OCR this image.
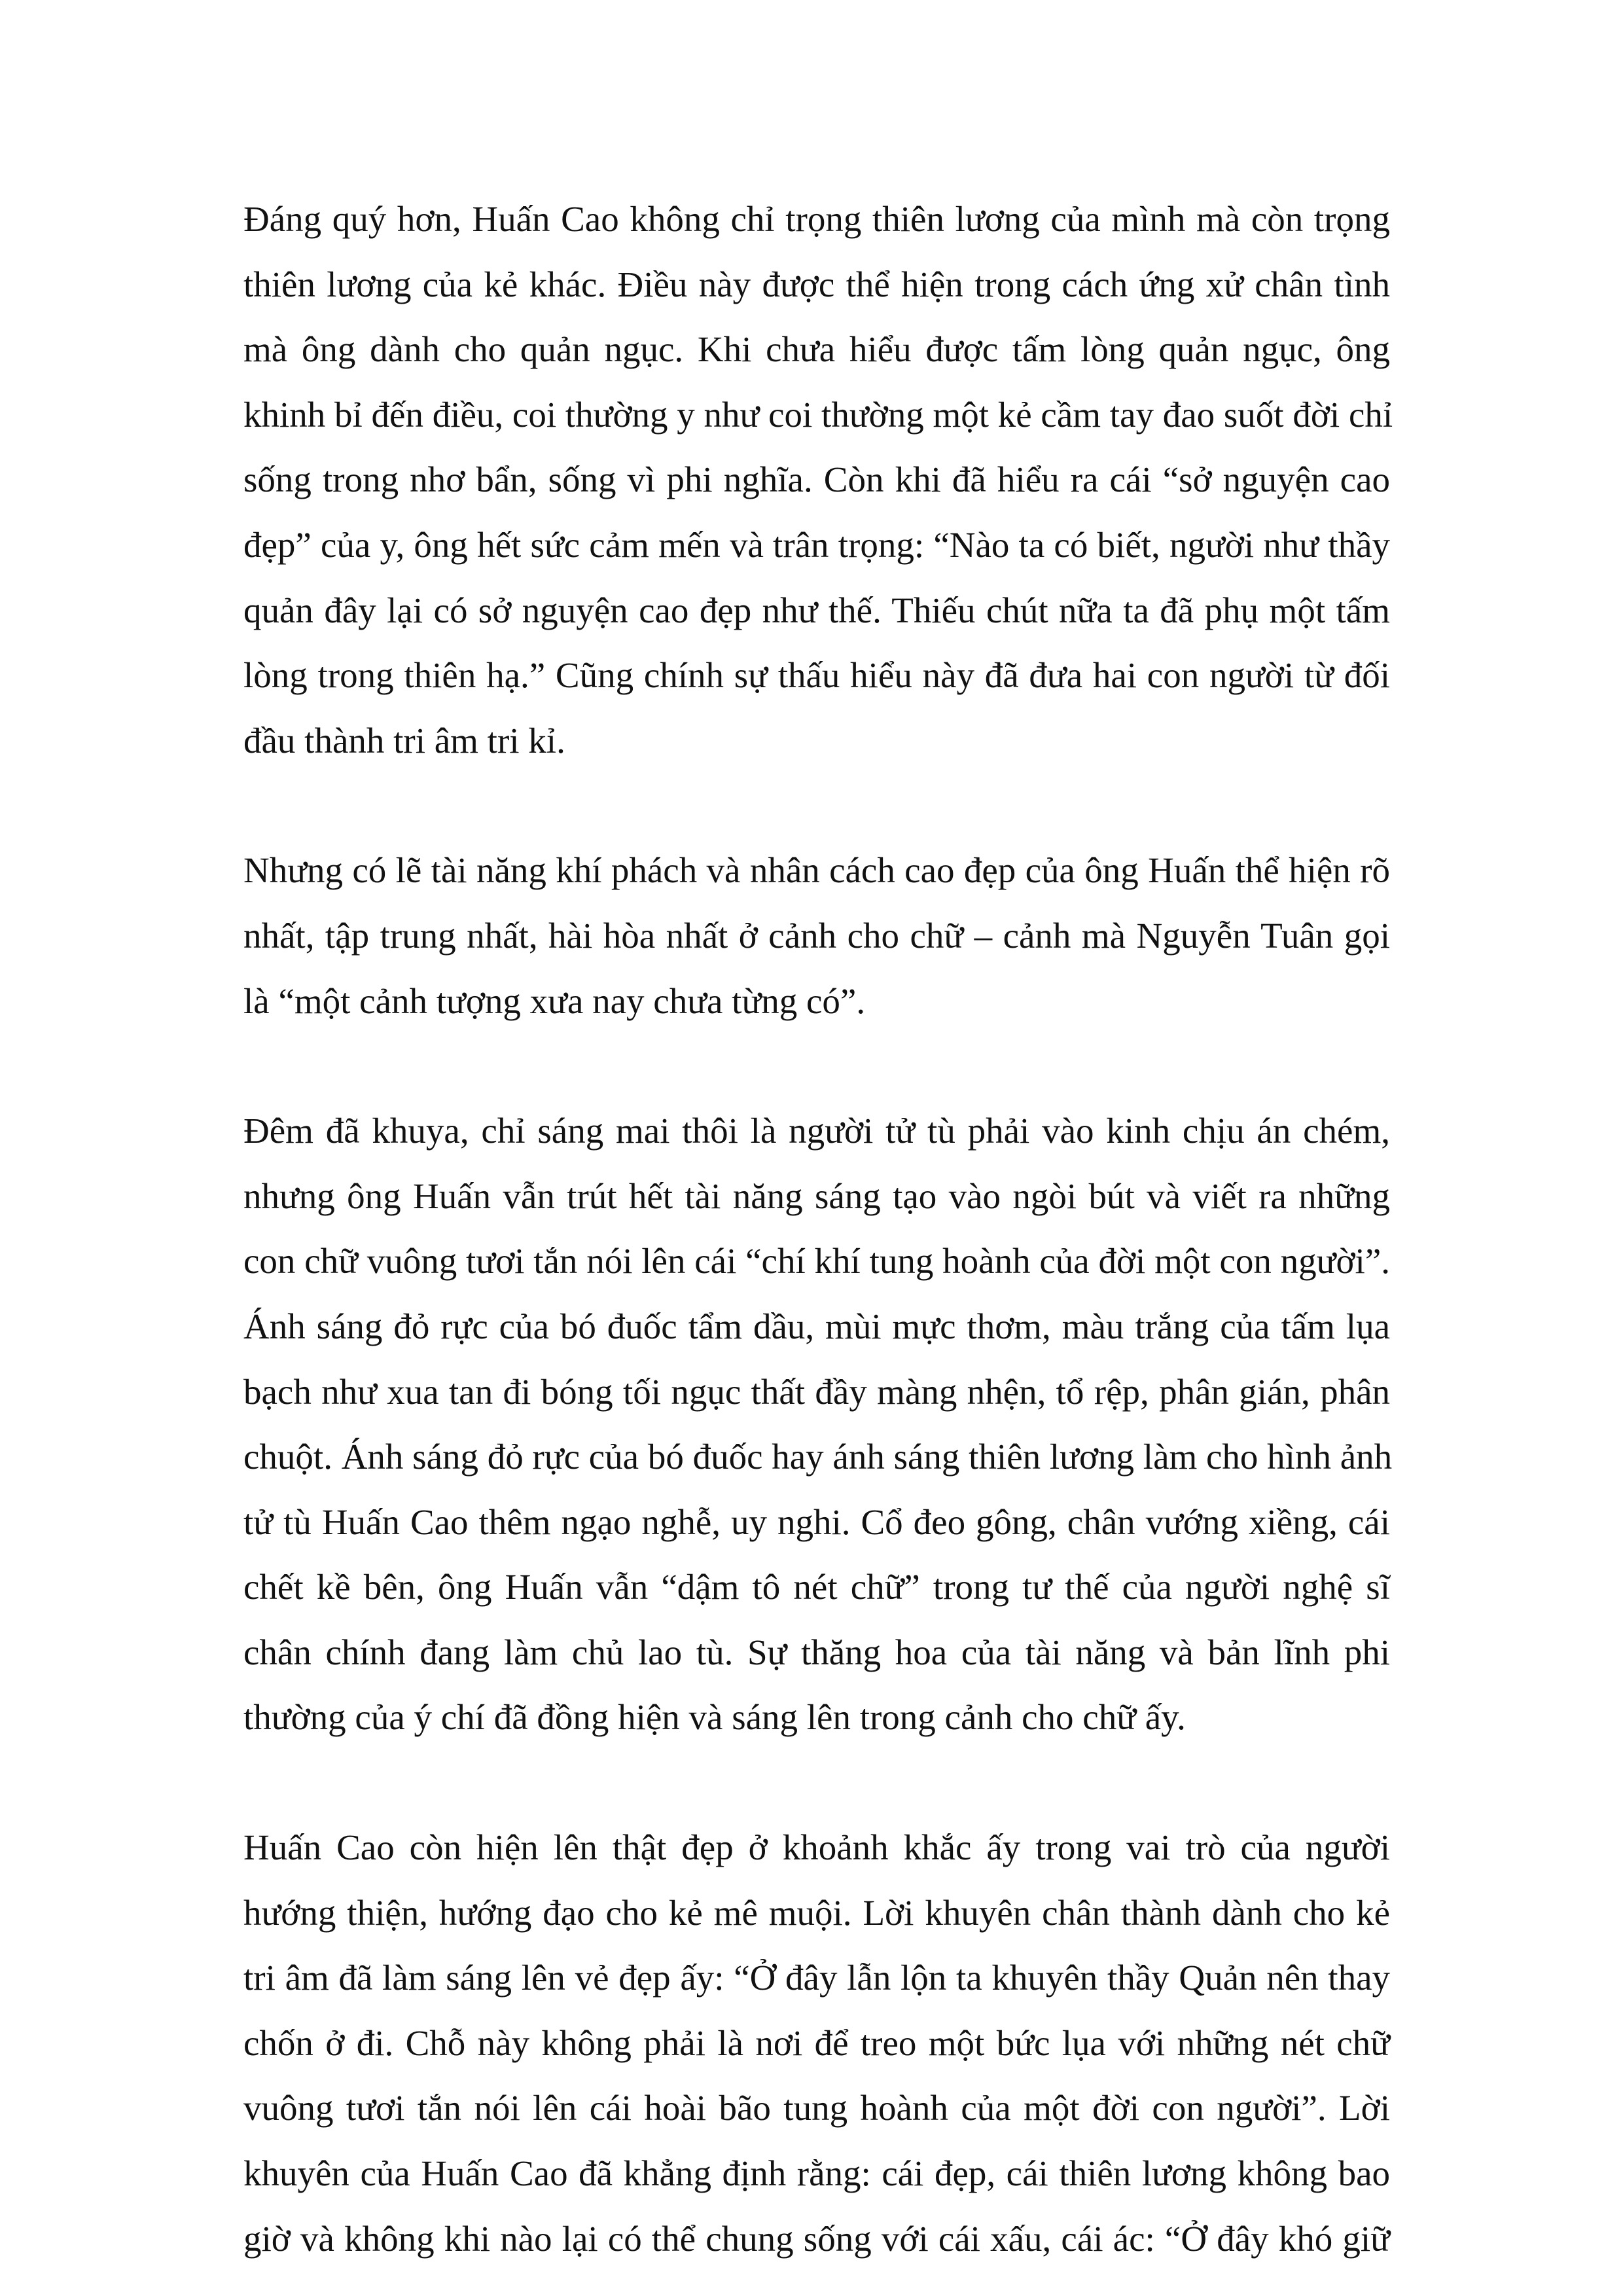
Đáng quý hơn, Huấn Cao không chỉ trọng thiên lương của mình mà còn trọng
thiên lương của kẻ khác. Điều này được thể hiện trong cách ứng xử chân tình
mà ông dành cho quản ngục. Khi chưa hiểu được tấm lòng quản ngục, ông
khinh bỉ đến điều, coi thường y như coi thường một kẻ cầm tay đao suốt đời chỉ
sống trong nhơ bẩn, sống vì phi nghĩa. Còn khi đã hiểu ra cái “sở nguyện cao
đẹp” của y, ông hết sức cảm mến và trân trọng: “Nào ta có biết, người như thầy
quản đây lại có sở nguyện cao đẹp như thế. Thiếu chút nữa ta đã phụ một tấm
lòng trong thiên hạ.” Cũng chính sự thấu hiểu này đã đưa hai con người từ đối
đầu thành tri âm tri kỉ.
Nhưng có lẽ tài năng khí phách và nhân cách cao đẹp của ông Huấn thể hiện rõ
nhất, tập trung nhất, hài hòa nhất ở cảnh cho chữ – cảnh mà Nguyễn Tuân gọi
là “một cảnh tượng xưa nay chưa từng có”.
Đêm đã khuya, chỉ sáng mai thôi là người tử tù phải vào kinh chịu án chém,
nhưng ông Huấn vẫn trút hết tài năng sáng tạo vào ngòi bút và viết ra những
con chữ vuông tươi tắn nói lên cái “chí khí tung hoành của đời một con người”.
Ánh sáng đỏ rực của bó đuốc tẩm dầu, mùi mực thơm, màu trắng của tấm lụa
bạch như xua tan đi bóng tối ngục thất đầy màng nhện, tổ rệp, phân gián, phân
chuột. Ánh sáng đỏ rực của bó đuốc hay ánh sáng thiên lương làm cho hình ảnh
tử tù Huấn Cao thêm ngạo nghễ, uy nghi. Cổ đeo gông, chân vướng xiềng, cái
chết kề bên, ông Huấn vẫn “dậm tô nét chữ” trong tư thế của người nghệ sĩ
chân chính đang làm chủ lao tù. Sự thăng hoa của tài năng và bản lĩnh phi
thường của ý chí đã đồng hiện và sáng lên trong cảnh cho chữ ấy.
Huấn Cao còn hiện lên thật đẹp ở khoảnh khắc ấy trong vai trò của người
hướng thiện, hướng đạo cho kẻ mê muội. Lời khuyên chân thành dành cho kẻ
tri âm đã làm sáng lên vẻ đẹp ấy: “Ở đây lẫn lộn ta khuyên thầy Quản nên thay
chốn ở đi. Chỗ này không phải là nơi để treo một bức lụa với những nét chữ
vuông tươi tắn nói lên cái hoài bão tung hoành của một đời con người”. Lời
khuyên của Huấn Cao đã khẳng định rằng: cái đẹp, cái thiên lương không bao
giờ và không khi nào lại có thể chung sống với cái xấu, cái ác: “Ở đây khó giữ
